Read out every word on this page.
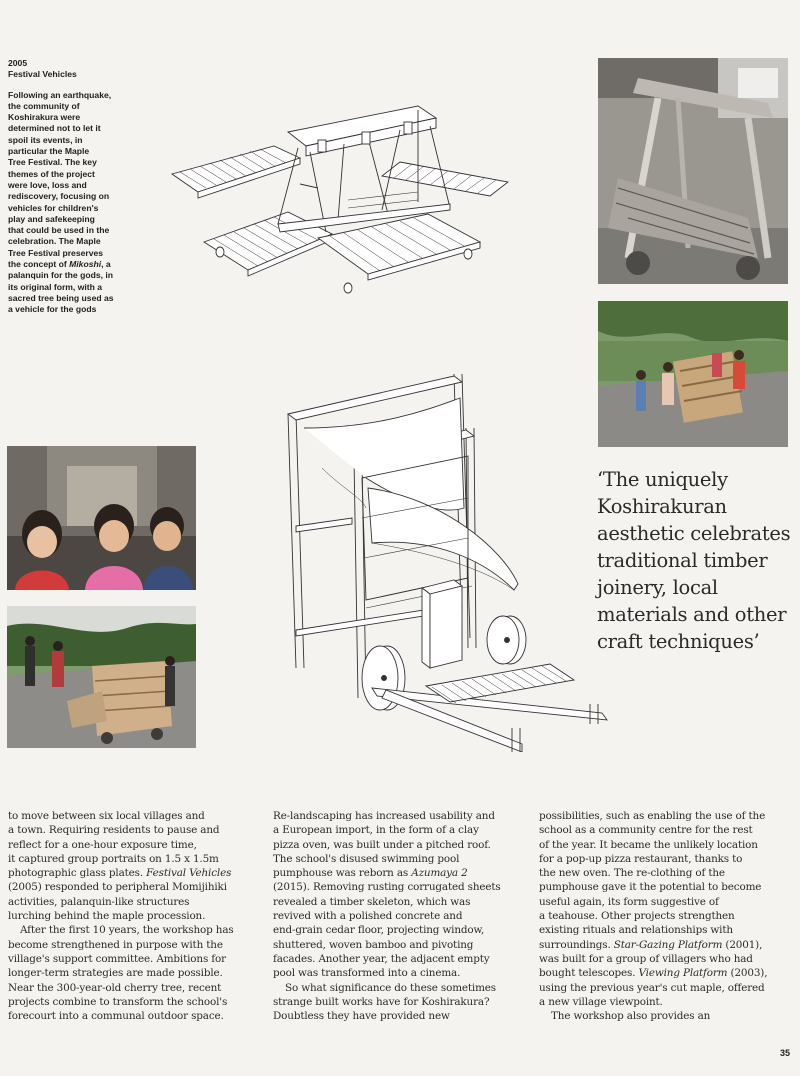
2005
Festival Vehicles
Following an earthquake,
the community of
Koshirakura were
determined not to let it
spoil its events, in
particular the Maple
Tree Festival. The key
themes of the project
were love, loss and
rediscovery, focusing on
vehicles for children's
play and safekeeping
that could be used in the
celebration. The Maple
Tree Festival preserves
the concept of Mikoshi, a
palanquin for the gods, in
its original form, with a
sacred tree being used as
a vehicle for the gods
‘The uniquely
Koshirakuran
aesthetic celebrates
traditional timber
joinery, local
materials and other
craft techniques’
to move between six local villages and
a town. Requiring residents to pause and
reflect for a one-hour exposure time,
it captured group portraits on 1.5 x 1.5m
photographic glass plates. Festival Vehicles
(2005) responded to peripheral Momijihiki
activities, palanquin-like structures
lurching behind the maple procession.
After the first 10 years, the workshop has
become strengthened in purpose with the
village's support committee. Ambitions for
longer-term strategies are made possible.
Near the 300-year-old cherry tree, recent
projects combine to transform the school's
forecourt into a communal outdoor space.
Re-landscaping has increased usability and
a European import, in the form of a clay
pizza oven, was built under a pitched roof.
The school's disused swimming pool
pumphouse was reborn as Azumaya 2
(2015). Removing rusting corrugated sheets
revealed a timber skeleton, which was
revived with a polished concrete and
end-grain cedar floor, projecting window,
shuttered, woven bamboo and pivoting
facades. Another year, the adjacent empty
pool was transformed into a cinema.
So what significance do these sometimes
strange built works have for Koshirakura?
Doubtless they have provided new
possibilities, such as enabling the use of the
school as a community centre for the rest
of the year. It became the unlikely location
for a pop-up pizza restaurant, thanks to
the new oven. The re-clothing of the
pumphouse gave it the potential to become
useful again, its form suggestive of
a teahouse. Other projects strengthen
existing rituals and relationships with
surroundings. Star-Gazing Platform (2001),
was built for a group of villagers who had
bought telescopes. Viewing Platform (2003),
using the previous year's cut maple, offered
a new village viewpoint.
The workshop also provides an
35
